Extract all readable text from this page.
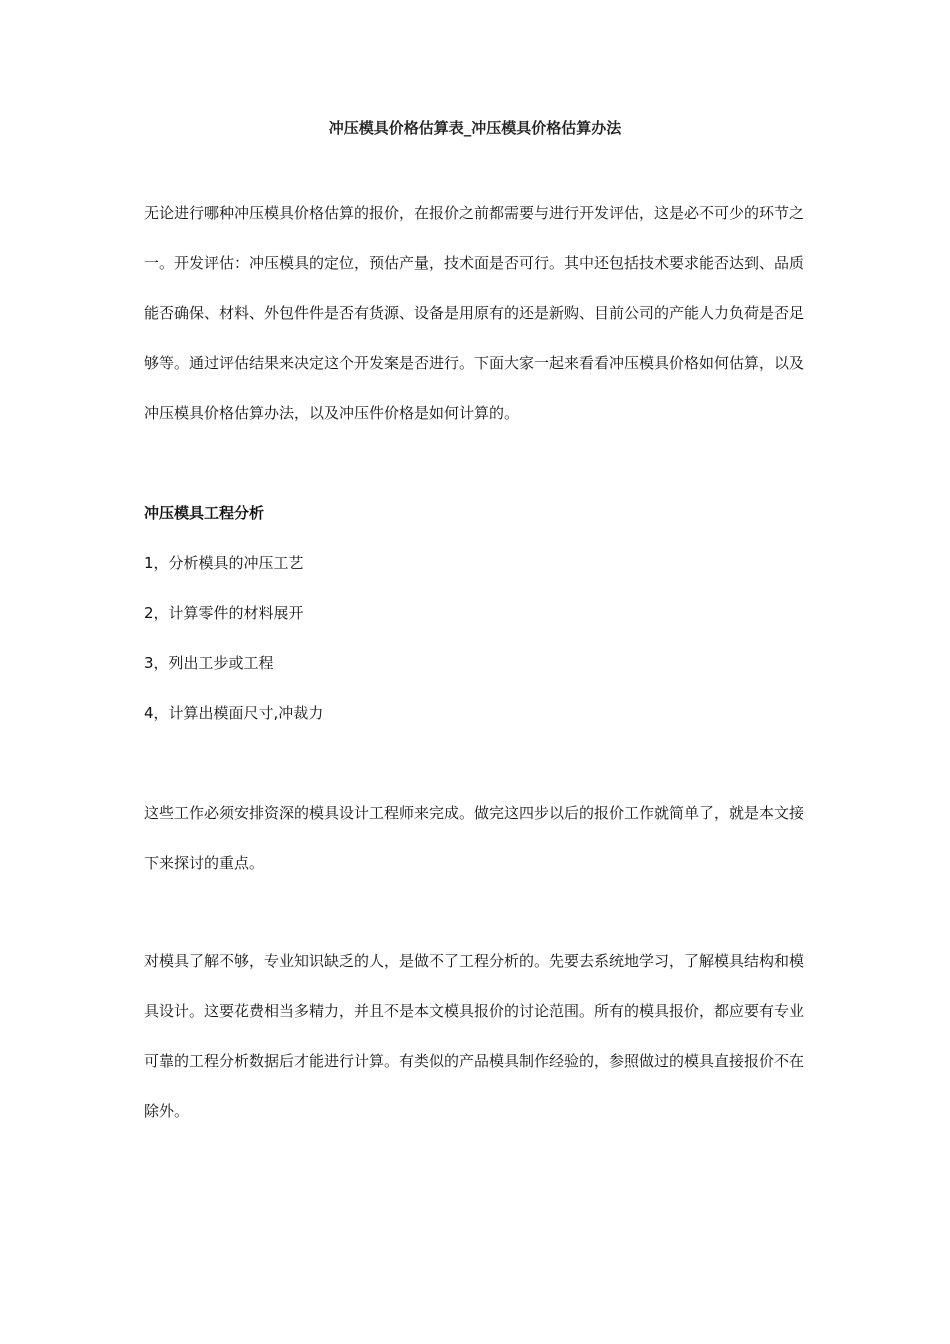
冲压模具价格估算表_冲压模具价格估算办法

无论进行哪种冲压模具价格估算的报价，在报价之前都需要与进行开发评估，这是必不可少的环节之一。开发评估：冲压模具的定位，预估产量，技术面是否可行。其中还包括技术要求能否达到、品质能否确保、材料、外包件件是否有货源、设备是用原有的还是新购、目前公司的产能人力负荷是否足够等。通过评估结果来决定这个开发案是否进行。下面大家一起来看看冲压模具价格如何估算，以及冲压模具价格估算办法，以及冲压件价格是如何计算的。

冲压模具工程分析
1，分析模具的冲压工艺
2，计算零件的材料展开
3，列出工步或工程
4，计算出模面尺寸,冲裁力

这些工作必须安排资深的模具设计工程师来完成。做完这四步以后的报价工作就简单了，就是本文接下来探讨的重点。

对模具了解不够，专业知识缺乏的人，是做不了工程分析的。先要去系统地学习，了解模具结构和模具设计。这要花费相当多精力，并且不是本文模具报价的讨论范围。所有的模具报价，都应要有专业可靠的工程分析数据后才能进行计算。有类似的产品模具制作经验的，参照做过的模具直接报价不在除外。
